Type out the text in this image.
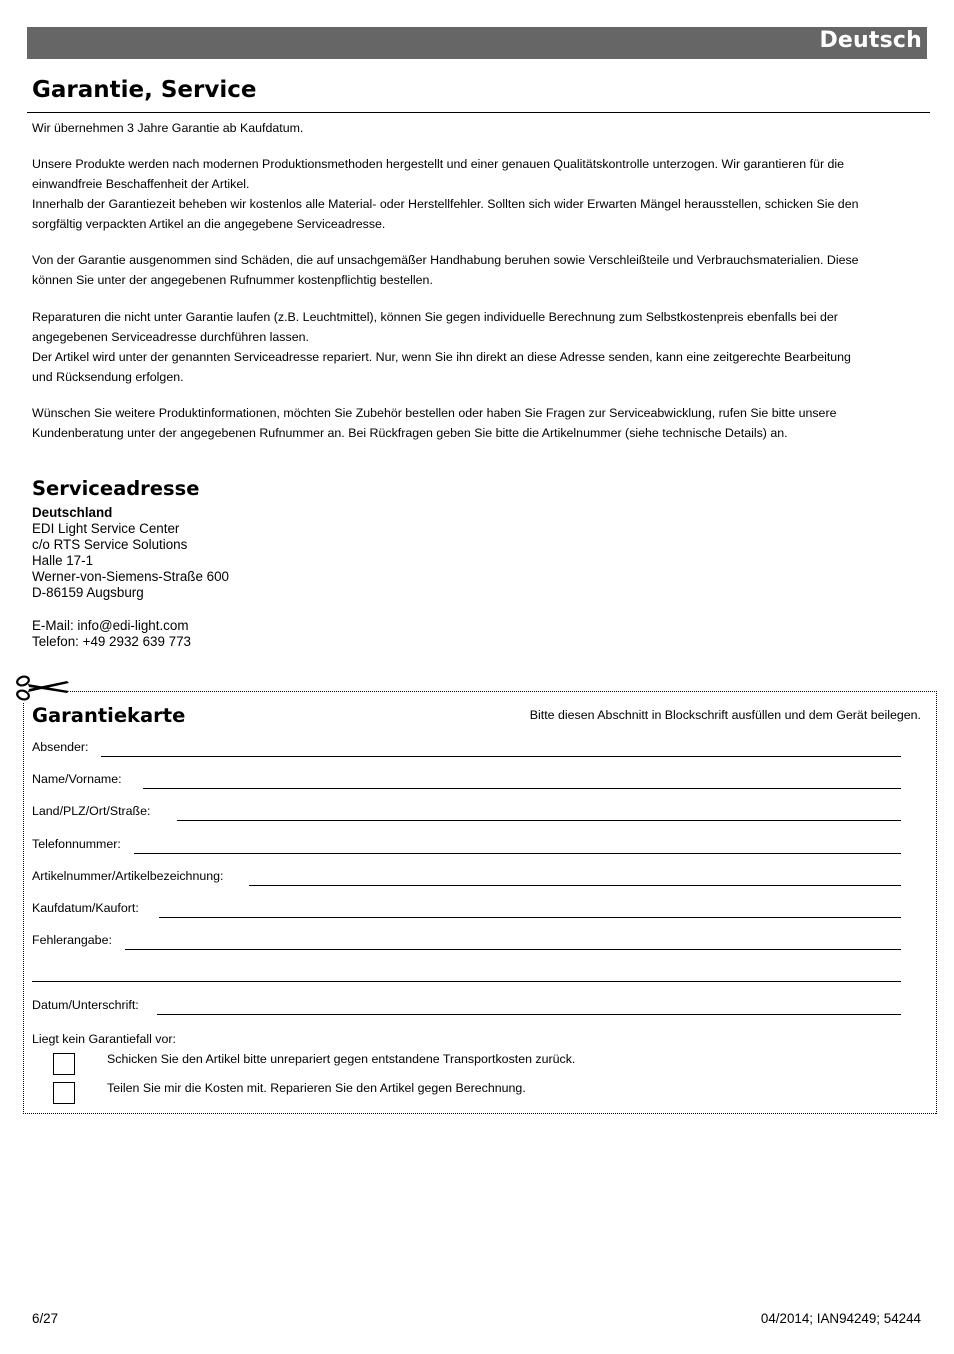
Deutsch
Garantie, Service
Wir übernehmen 3 Jahre Garantie ab Kaufdatum.
Unsere Produkte werden nach modernen Produktionsmethoden hergestellt und einer genauen Qualitätskontrolle unterzogen. Wir garantieren für die
einwandfreie Beschaffenheit der Artikel.
Innerhalb der Garantiezeit beheben wir kostenlos alle Material- oder Herstellfehler. Sollten sich wider Erwarten Mängel herausstellen, schicken Sie den
sorgfältig verpackten Artikel an die angegebene Serviceadresse.
Von der Garantie ausgenommen sind Schäden, die auf unsachgemäßer Handhabung beruhen sowie Verschleißteile und Verbrauchsmaterialien. Diese
können Sie unter der angegebenen Rufnummer kostenpflichtig bestellen.
Reparaturen die nicht unter Garantie laufen (z.B. Leuchtmittel), können Sie gegen individuelle Berechnung zum Selbstkostenpreis ebenfalls bei der
angegebenen Serviceadresse durchführen lassen.
Der Artikel wird unter der genannten Serviceadresse repariert. Nur, wenn Sie ihn direkt an diese Adresse senden, kann eine zeitgerechte Bearbeitung
und Rücksendung erfolgen.
Wünschen Sie weitere Produktinformationen, möchten Sie Zubehör bestellen oder haben Sie Fragen zur Serviceabwicklung, rufen Sie bitte unsere
Kundenberatung unter der angegebenen Rufnummer an. Bei Rückfragen geben Sie bitte die Artikelnummer (siehe technische Details) an.
Serviceadresse
Deutschland
EDI Light Service Center
c/o RTS Service Solutions
Halle 17-1
Werner-von-Siemens-Straße 600
D-86159 Augsburg
E-Mail: info@edi-light.com
Telefon: +49 2932 639 773
Garantiekarte	Bitte diesen Abschnitt in Blockschrift ausfüllen und dem Gerät beilegen.
Absender:
Name/Vorname:
Land/PLZ/Ort/Straße:
Telefonnummer:
Artikelnummer/Artikelbezeichnung:
Kaufdatum/Kaufort:
Fehlerangabe:
Datum/Unterschrift:
Liegt kein Garantiefall vor:
Schicken Sie den Artikel bitte unrepariert gegen entstandene Transportkosten zurück.
Teilen Sie mir die Kosten mit. Reparieren Sie den Artikel gegen Berechnung.
6/27	04/2014; IAN94249; 54244
